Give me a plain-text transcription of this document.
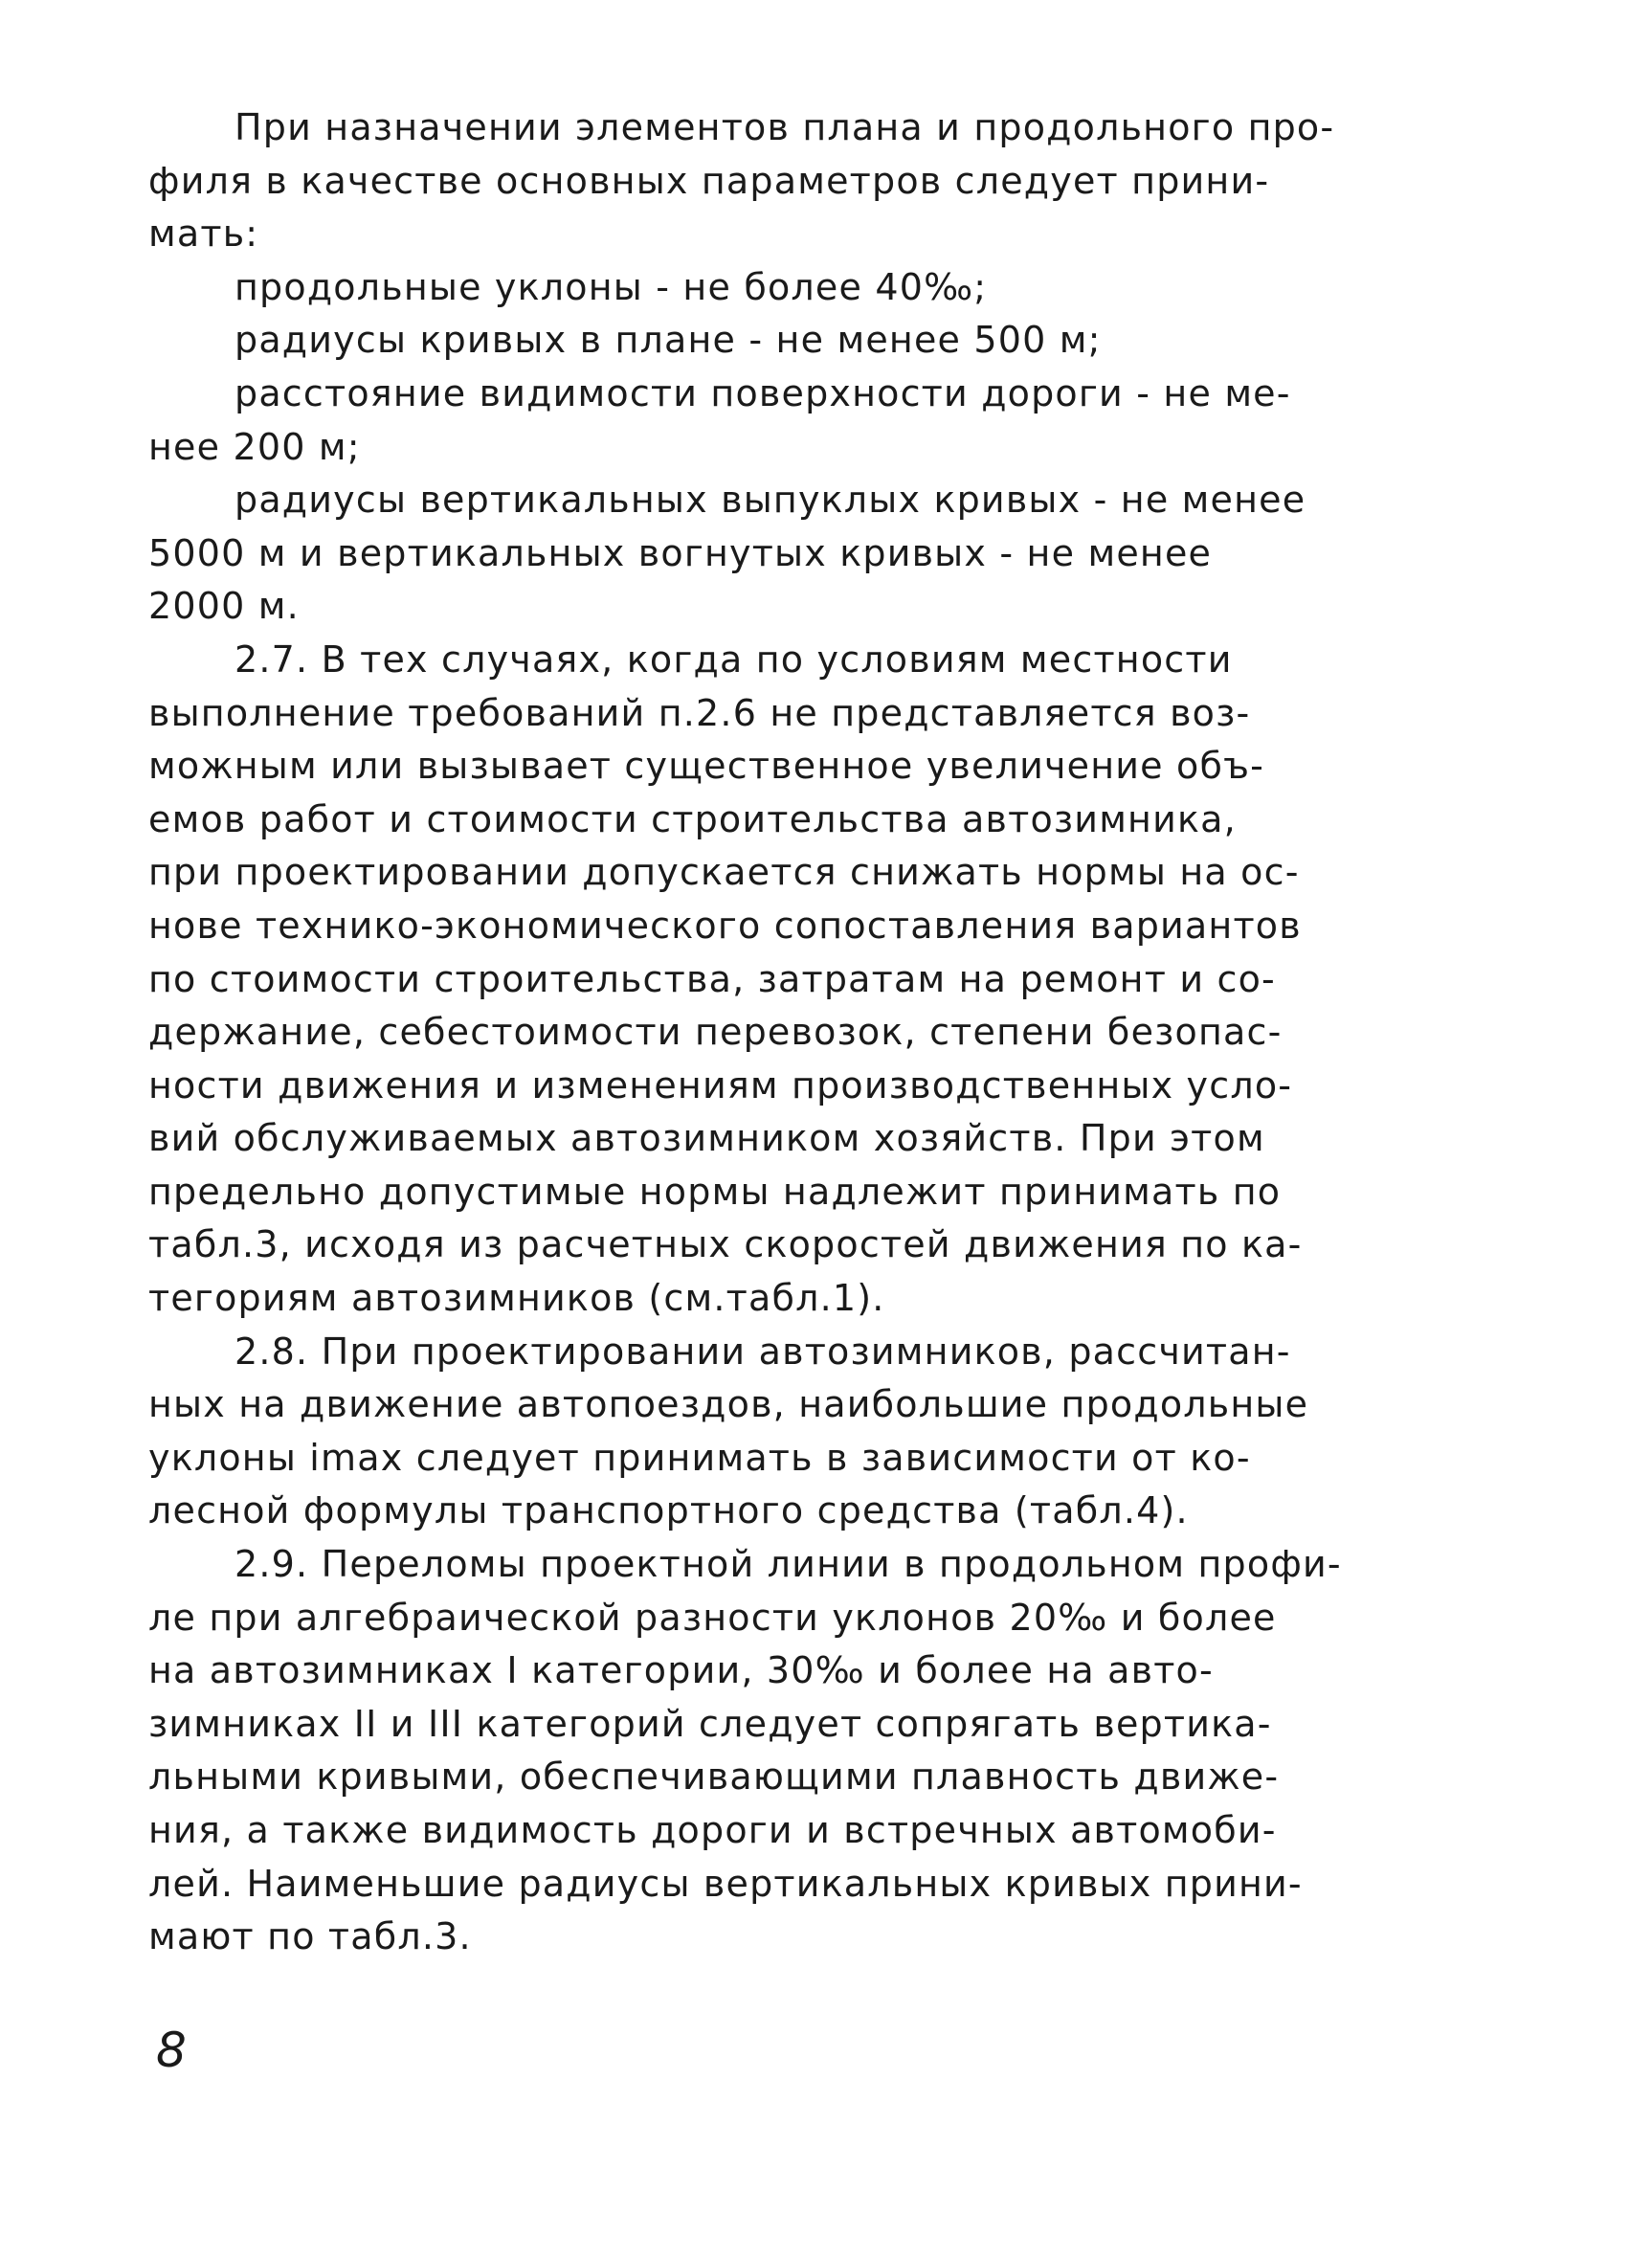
При назначении элементов плана и продольного про-
филя в качестве основных параметров следует прини-
мать:
продольные уклоны - не более 40‰;
радиусы кривых в плане - не менее 500 м;
расстояние видимости поверхности дороги - не ме-
нее 200 м;
радиусы вертикальных выпуклых кривых - не менее
5000 м и вертикальных вогнутых кривых - не менее
2000 м.
2.7. В тех случаях, когда по условиям местности
выполнение требований п.2.6 не представляется воз-
можным или вызывает существенное увеличение объ-
емов работ и стоимости строительства автозимника,
при проектировании допускается снижать нормы на ос-
нове технико-экономического сопоставления вариантов
по стоимости строительства, затратам на ремонт и со-
держание, себестоимости перевозок, степени безопас-
ности движения и изменениям производственных усло-
вий обслуживаемых автозимником хозяйств. При этом
предельно допустимые нормы надлежит принимать по
табл.3, исходя из расчетных скоростей движения по ка-
тегориям автозимников (см.табл.1).
2.8. При проектировании автозимников, рассчитан-
ных на движение автопоездов, наибольшие продольные
уклоны imax следует принимать в зависимости от ко-
лесной формулы транспортного средства (табл.4).
2.9. Переломы проектной линии в продольном профи-
ле при алгебраической разности уклонов 20‰ и более
на автозимниках I категории, 30‰ и более на авто-
зимниках II и III категорий следует сопрягать вертика-
льными кривыми, обеспечивающими плавность движе-
ния, а также видимость дороги и встречных автомоби-
лей. Наименьшие радиусы вертикальных кривых прини-
мают по табл.3.
8
